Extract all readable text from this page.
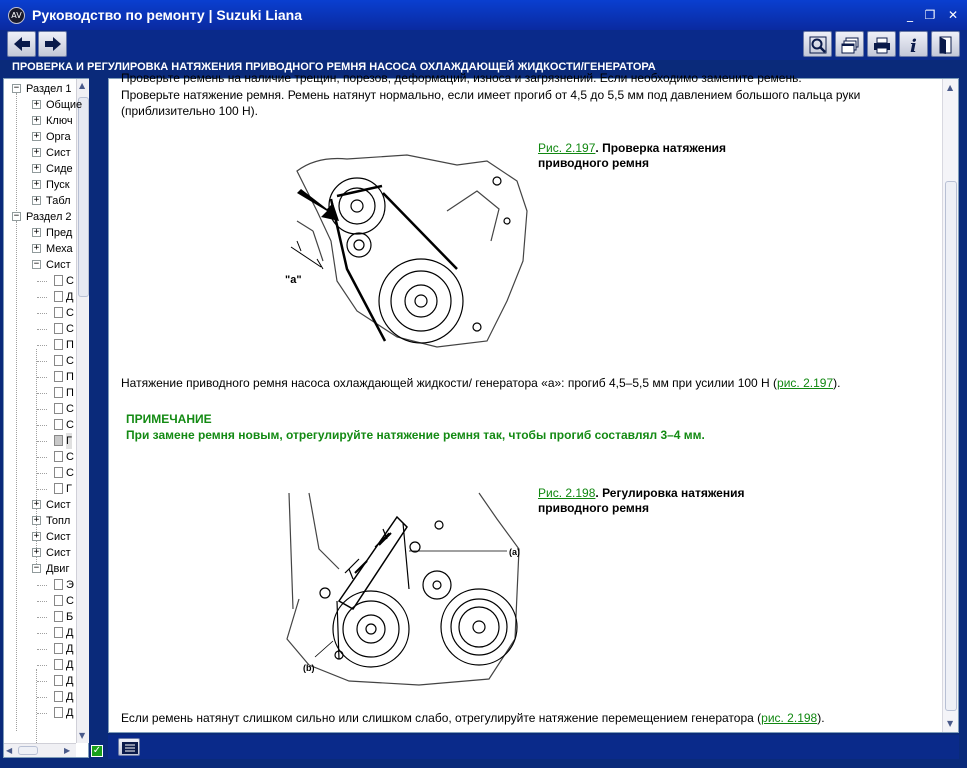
AV Руководство по ремонту | Suzuki Liana	_ ❐ ✕
i
ПРОВЕРКА И РЕГУЛИРОВКА НАТЯЖЕНИЯ ПРИВОДНОГО РЕМНЯ НАСОСА ОХЛАЖДАЮЩЕЙ ЖИДКОСТИ/ГЕНЕРАТОРА
▲
▼
◀	▶
− Раздел 1
+ Общие
+ Ключ
+ Орга
+ Сист
+ Сиде
+ Пуск
+ Табл
− Раздел 2
+ Пред
+ Меха
− Сист
С
Д
С
С
П
С
П
П
С
С
Г
С
С
Г
+ Сист
+ Топл
+ Сист
+ Сист
− Двиг
Э
С
Б
Д
Д
Д
Д
Д
Д
✓
Проверьте ремень на наличие трещин, порезов, деформаций, износа и загрязнений. Если необходимо замените ремень.
Проверьте натяжение ремня. Ремень натянут нормально, если имеет прогиб от 4,5 до 5,5 мм под давлением большого пальца руки
(приблизительно 100 Н).
"a"
Рис. 2.197. Проверка натяжения
приводного ремня
Натяжение приводного ремня насоса охлаждающей жидкости/ генератора «а»: прогиб 4,5–5,5 мм при усилии 100 Н (рис. 2.197).
ПРИМЕЧАНИЕ
При замене ремня новым, отрегулируйте натяжение ремня так, чтобы прогиб составлял 3–4 мм.
(a)
(b)
Рис. 2.198. Регулировка натяжения
приводного ремня
Если ремень натянут слишком сильно или слишком слабо, отрегулируйте натяжение перемещением генератора (рис. 2.198).
▲
▼
